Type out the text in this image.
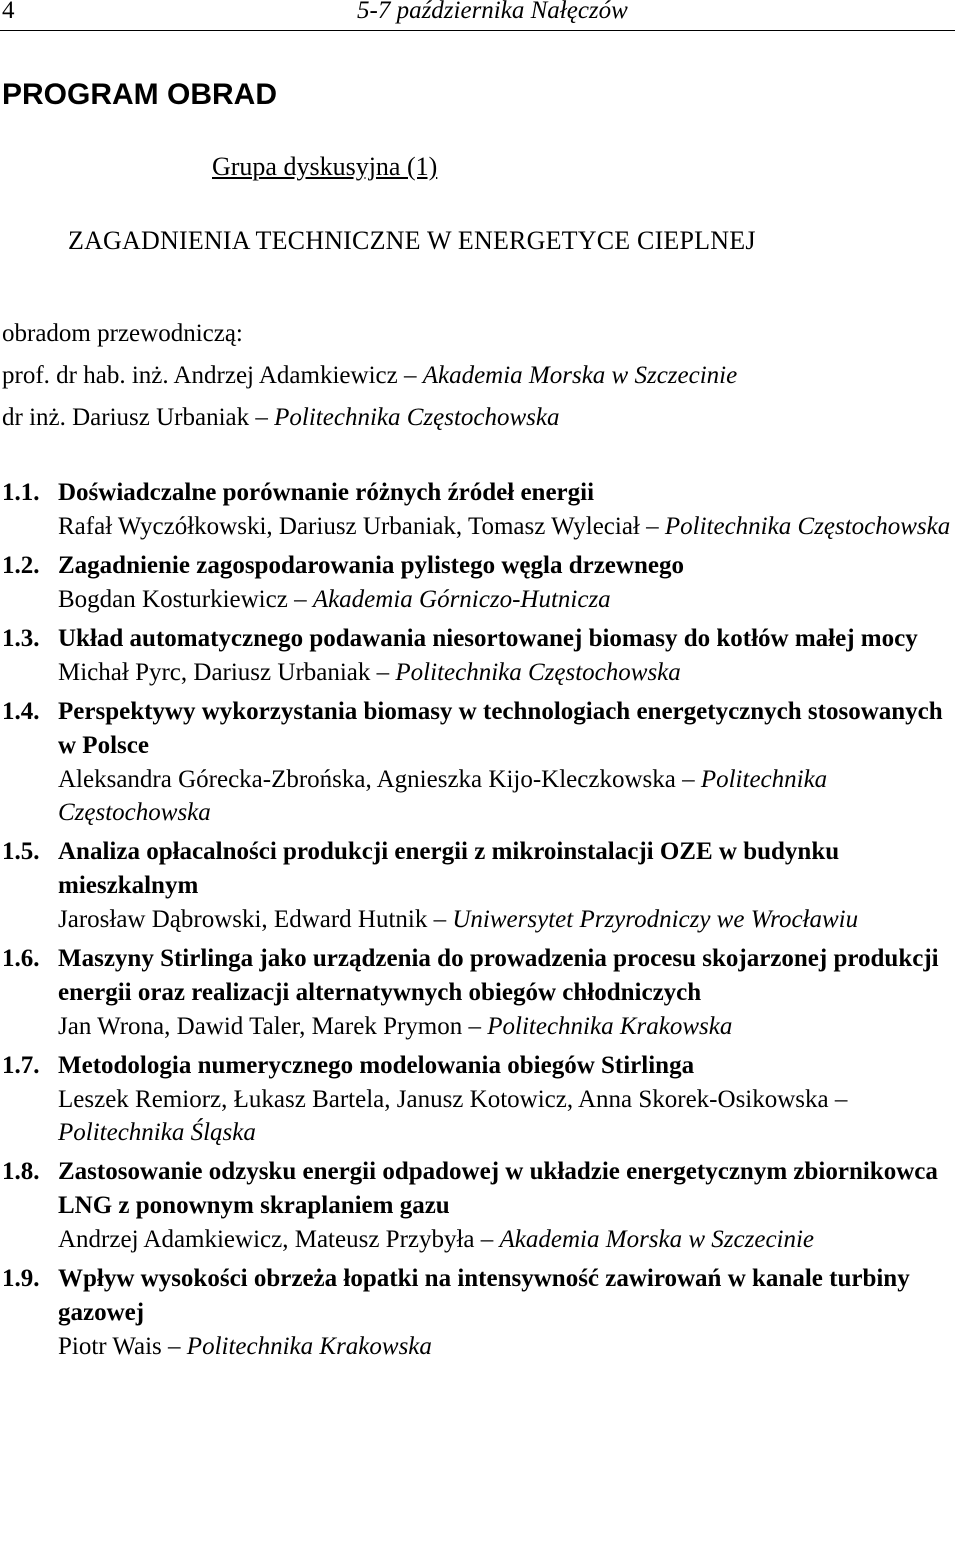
4	5-7 października Nałęczów
PROGRAM OBRAD
Grupa dyskusyjna (1)
ZAGADNIENIA TECHNICZNE W ENERGETYCE CIEPLNEJ
obradom przewodniczą:
prof. dr hab. inż. Andrzej Adamkiewicz – Akademia Morska w Szczecinie
dr inż. Dariusz Urbaniak – Politechnika Częstochowska
1.1. Doświadczalne porównanie różnych źródeł energii
Rafał Wyczółkowski, Dariusz Urbaniak, Tomasz Wyleciał – Politechnika Częstochowska
1.2. Zagadnienie zagospodarowania pylistego węgla drzewnego
Bogdan Kosturkiewicz – Akademia Górniczo-Hutnicza
1.3. Układ automatycznego podawania niesortowanej biomasy do kotłów małej mocy
Michał Pyrc, Dariusz Urbaniak – Politechnika Częstochowska
1.4. Perspektywy wykorzystania biomasy w technologiach energetycznych stosowanych w Polsce
Aleksandra Górecka-Zbrońska, Agnieszka Kijo-Kleczkowska – Politechnika Częstochowska
1.5. Analiza opłacalności produkcji energii z mikroinstalacji OZE w budynku mieszkalnym
Jarosław Dąbrowski, Edward Hutnik – Uniwersytet Przyrodniczy we Wrocławiu
1.6. Maszyny Stirlinga jako urządzenia do prowadzenia procesu skojarzonej produkcji energii oraz realizacji alternatywnych obiegów chłodniczych
Jan Wrona, Dawid Taler, Marek Prymon – Politechnika Krakowska
1.7. Metodologia numerycznego modelowania obiegów Stirlinga
Leszek Remiorz, Łukasz Bartela, Janusz Kotowicz, Anna Skorek-Osikowska – Politechnika Śląska
1.8. Zastosowanie odzysku energii odpadowej w układzie energetycznym zbiornikowca LNG z ponownym skraplaniem gazu
Andrzej Adamkiewicz, Mateusz Przybyła – Akademia Morska w Szczecinie
1.9. Wpływ wysokości obrzeża łopatki na intensywność zawirowań w kanale turbiny gazowej
Piotr Wais – Politechnika Krakowska
